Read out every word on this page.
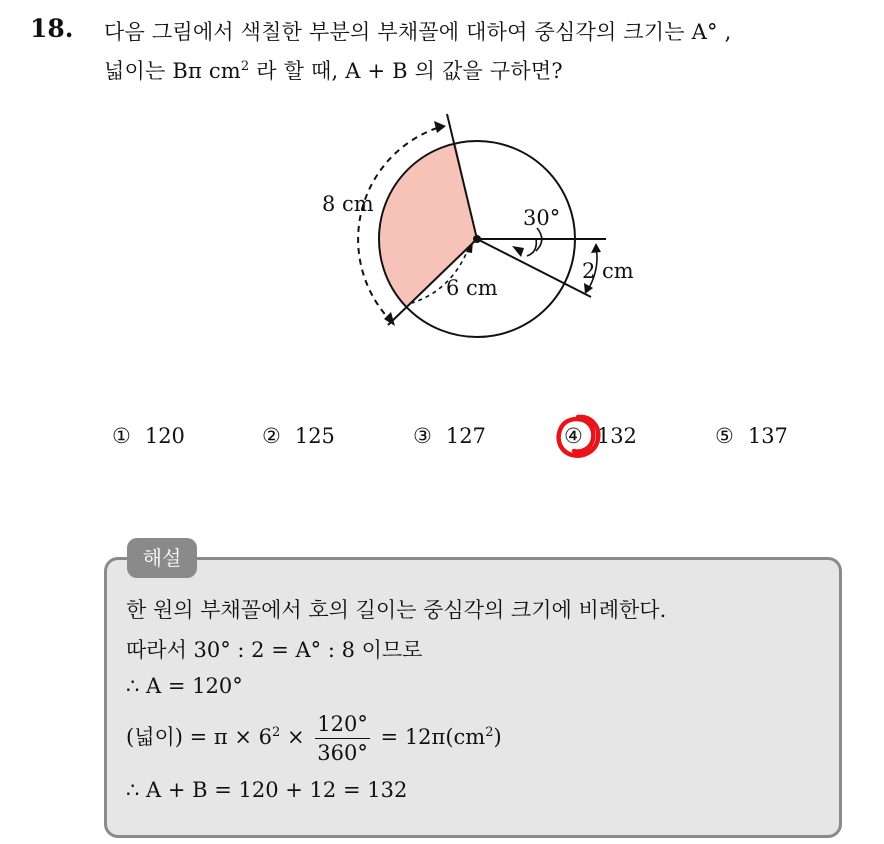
18. 다음 그림에서 색칠한 부분의 부채꼴에 대하여 중심각의 크기는 A° ,
넓이는 Bπ $cm^2$ 라 할 때, A + B 의 값을 구하면?
8 cm
30°
2 cm
6 cm
① 120	② 125	③ 127	④ 132	⑤ 137
해설
한 원의 부채꼴에서 호의 길이는 중심각의 크기에 비례한다.
따라서 30° : 2 = A° : 8 이므로
∴ A = 120°
(넓이) = $\pi \times 6^2 \times \frac{120^\circ}{360^\circ} = 12\pi(cm^2)$
∴ A + B = 120 + 12 = 132
